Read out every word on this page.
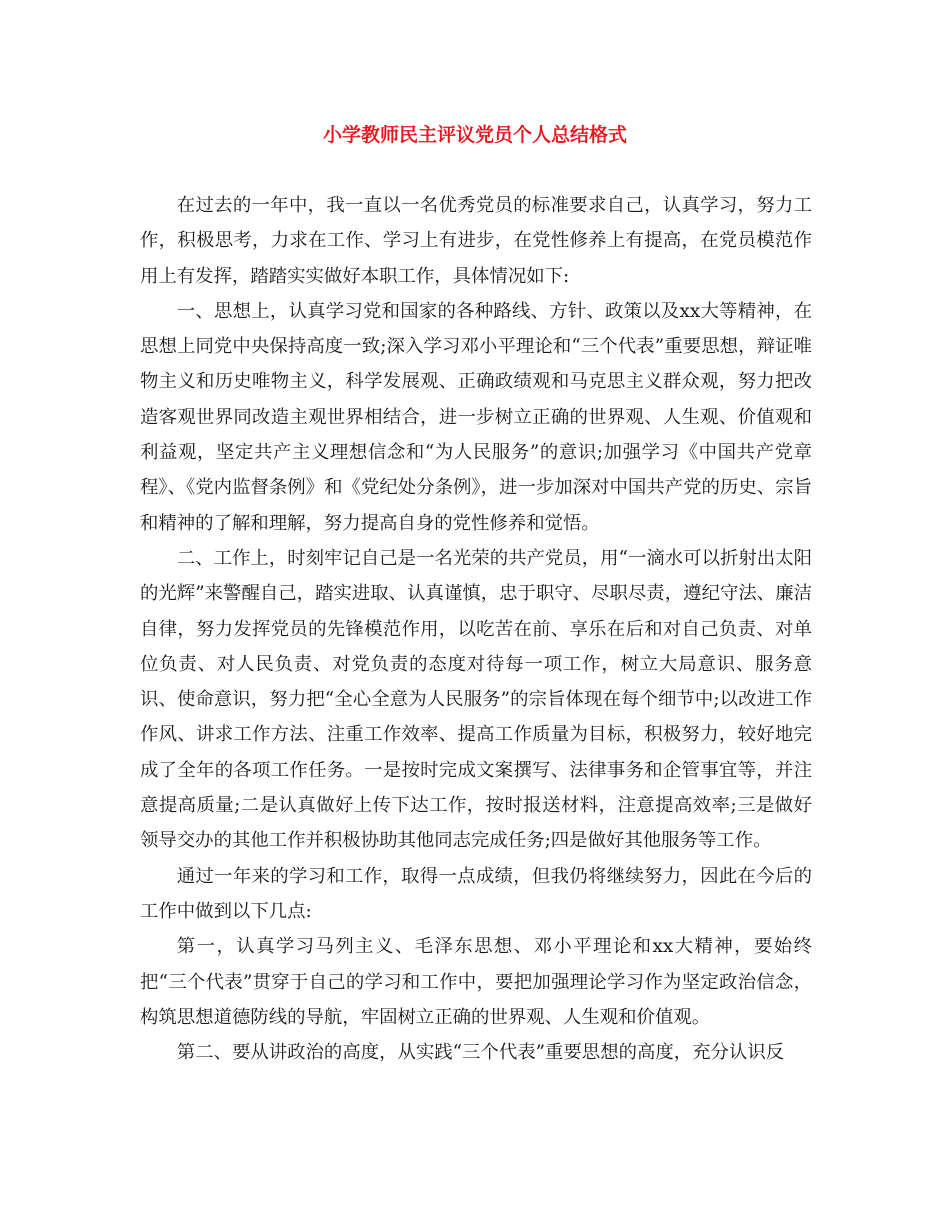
小学教师民主评议党员个人总结格式

在过去的一年中，我一直以一名优秀党员的标准要求自己，认真学习，努力工作，积极思考，力求在工作、学习上有进步，在党性修养上有提高，在党员模范作用上有发挥，踏踏实实做好本职工作，具体情况如下:

一、思想上，认真学习党和国家的各种路线、方针、政策以及xx大等精神，在思想上同党中央保持高度一致;深入学习邓小平理论和“三个代表”重要思想，辩证唯物主义和历史唯物主义，科学发展观、正确政绩观和马克思主义群众观，努力把改造客观世界同改造主观世界相结合，进一步树立正确的世界观、人生观、价值观和利益观，坚定共产主义理想信念和“为人民服务”的意识;加强学习《中国共产党章程》、《党内监督条例》和《党纪处分条例》，进一步加深对中国共产党的历史、宗旨和精神的了解和理解，努力提高自身的党性修养和觉悟。

二、工作上，时刻牢记自己是一名光荣的共产党员，用“一滴水可以折射出太阳的光辉”来警醒自己，踏实进取、认真谨慎，忠于职守、尽职尽责，遵纪守法、廉洁自律，努力发挥党员的先锋模范作用，以吃苦在前、享乐在后和对自己负责、对单位负责、对人民负责、对党负责的态度对待每一项工作，树立大局意识、服务意识、使命意识，努力把“全心全意为人民服务”的宗旨体现在每个细节中;以改进工作作风、讲求工作方法、注重工作效率、提高工作质量为目标，积极努力，较好地完成了全年的各项工作任务。一是按时完成文案撰写、法律事务和企管事宜等，并注意提高质量;二是认真做好上传下达工作，按时报送材料，注意提高效率;三是做好领导交办的其他工作并积极协助其他同志完成任务;四是做好其他服务等工作。

通过一年来的学习和工作，取得一点成绩，但我仍将继续努力，因此在今后的工作中做到以下几点:

第一，认真学习马列主义、毛泽东思想、邓小平理论和xx大精神，要始终把“三个代表”贯穿于自己的学习和工作中，要把加强理论学习作为坚定政治信念，构筑思想道德防线的导航，牢固树立正确的世界观、人生观和价值观。

第二、要从讲政治的高度，从实践“三个代表”重要思想的高度，充分认识反
